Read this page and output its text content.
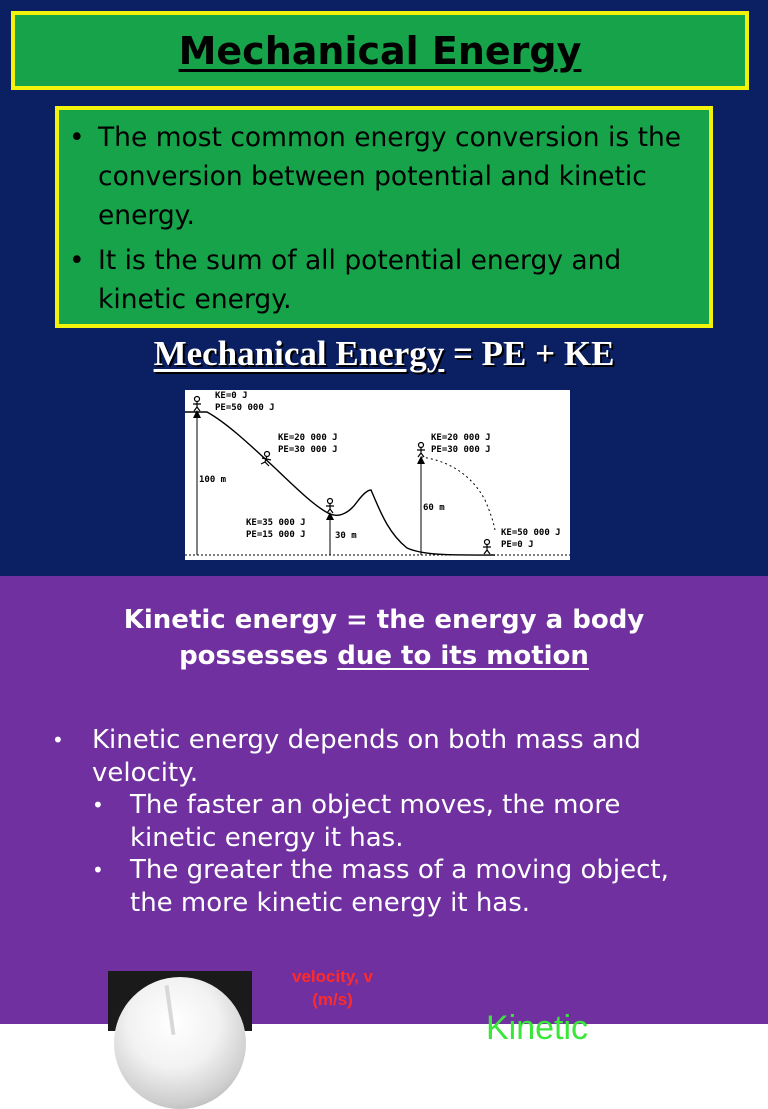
Mechanical Energy
• The most common energy conversion is the conversion between potential and kinetic energy.
• It is the sum of all potential energy and kinetic energy.
Mechanical Energy = PE + KE
KE=0 J
PE=50 000 J
KE=20 000 J
PE=30 000 J
KE=20 000 J
PE=30 000 J
KE=35 000 J
PE=15 000 J	KE=50 000 J
PE=0 J
100 m
60 m
30 m
Kinetic energy = the energy a body
possesses due to its motion
• Kinetic energy depends on both mass and velocity.
• The faster an object moves, the more kinetic energy it has.
• The greater the mass of a moving object, the more kinetic energy it has.
velocity, v
(m/s)
Kinetic
